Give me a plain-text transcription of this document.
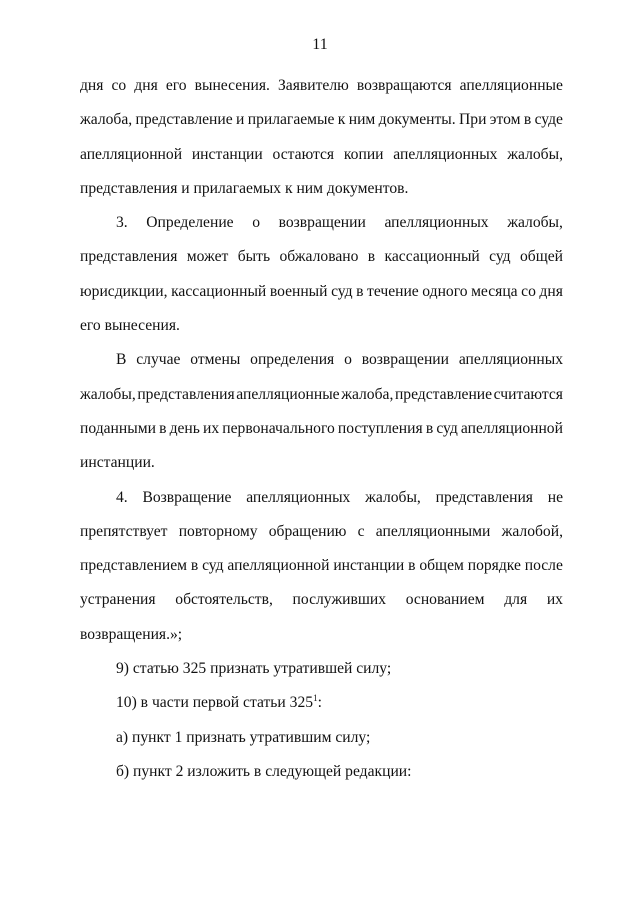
11
дня со дня его вынесения. Заявителю возвращаются апелляционные
жалоба, представление и прилагаемые к ним документы. При этом в суде
апелляционной инстанции остаются копии апелляционных жалобы,
представления и прилагаемых к ним документов.
3. Определение о возвращении апелляционных жалобы,
представления может быть обжаловано в кассационный суд общей
юрисдикции, кассационный военный суд в течение одного месяца со дня
его вынесения.
В случае отмены определения о возвращении апелляционных
жалобы, представления апелляционные жалоба, представление считаются
поданными в день их первоначального поступления в суд апелляционной
инстанции.
4. Возвращение апелляционных жалобы, представления не
препятствует повторному обращению с апелляционными жалобой,
представлением в суд апелляционной инстанции в общем порядке после
устранения обстоятельств, послуживших основанием для их
возвращения.»;
9) статью 325 признать утратившей силу;
10) в части первой статьи $325^1$:
а) пункт 1 признать утратившим силу;
б) пункт 2 изложить в следующей редакции:
